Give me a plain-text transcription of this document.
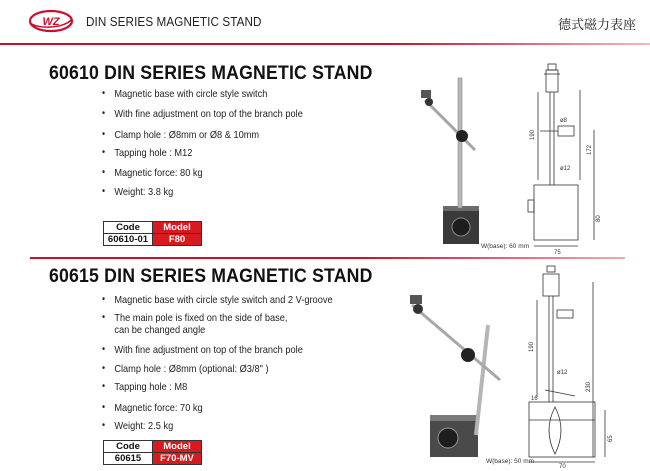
WZ DIN SERIES MAGNETIC STAND	德式磁力表座
60610 DIN SERIES MAGNETIC STAND
• Magnetic base with circle style switch
• With fine adjustment on top of the branch pole
• Clamp hole : Ø8mm or Ø8 & 10mm
• Tapping hole : M12
• Magnetic force: 80 kg
• Weight: 3.8 kg
Code	Model
60610-01	F80
190
ø12
ø8
172
80
75
W(base): 60 mm
60615 DIN SERIES MAGNETIC STAND
• Magnetic base with circle style switch and 2 V-groove
• The main pole is fixed on the side of base,
can be changed angle
• With fine adjustment on top of the branch pole
• Clamp hole : Ø8mm (optional: Ø3/8" )
• Tapping hole : M8
• Magnetic force: 70 kg
• Weight: 2.5 kg
Code	Model
60615	F70-MV
190
ø12
16
230
65
70
W(base): 50 mm
